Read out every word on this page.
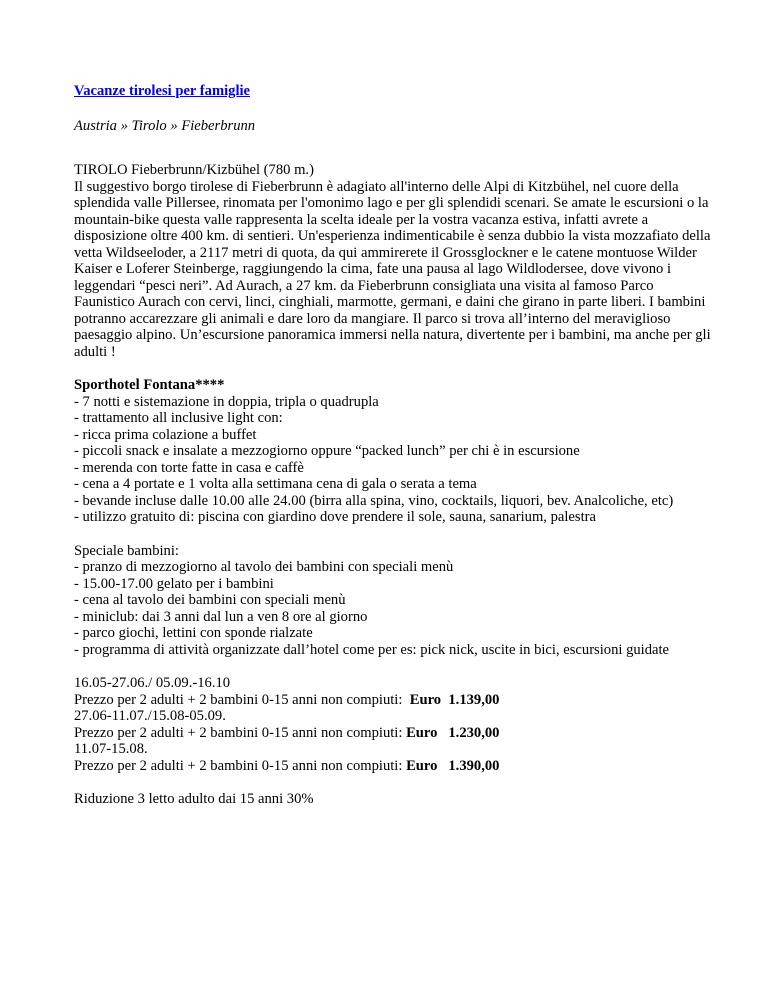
Vacanze tirolesi per famiglie
Austria » Tirolo » Fieberbrunn
TIROLO Fieberbrunn/Kizbühel (780 m.)
Il suggestivo borgo tirolese di Fieberbrunn è adagiato all'interno delle Alpi di Kitzbühel, nel cuore della
splendida valle Pillersee, rinomata per l'omonimo lago e per gli splendidi scenari. Se amate le escursioni o la
mountain-bike questa valle rappresenta la scelta ideale per la vostra vacanza estiva, infatti avrete a
disposizione oltre 400 km. di sentieri. Un'esperienza indimenticabile è senza dubbio la vista mozzafiato della
vetta Wildseeloder, a 2117 metri di quota, da qui ammirerete il Grossglockner e le catene montuose Wilder
Kaiser e Loferer Steinberge, raggiungendo la cima, fate una pausa al lago Wildlodersee, dove vivono i
leggendari “pesci neri”. Ad Aurach, a 27 km. da Fieberbrunn consigliata una visita al famoso Parco
Faunistico Aurach con cervi, linci, cinghiali, marmotte, germani, e daini che girano in parte liberi. I bambini
potranno accarezzare gli animali e dare loro da mangiare. Il parco si trova all’interno del meraviglioso
paesaggio alpino. Un’escursione panoramica immersi nella natura, divertente per i bambini, ma anche per gli
adulti !
Sporthotel Fontana****
- 7 notti e sistemazione in doppia, tripla o quadrupla
- trattamento all inclusive light con:
- ricca prima colazione a buffet
- piccoli snack e insalate a mezzogiorno oppure “packed lunch” per chi è in escursione
- merenda con torte fatte in casa e caffè
- cena a 4 portate e 1 volta alla settimana cena di gala o serata a tema
- bevande incluse dalle 10.00 alle 24.00 (birra alla spina, vino, cocktails, liquori, bev. Analcoliche, etc)
- utilizzo gratuito di: piscina con giardino dove prendere il sole, sauna, sanarium, palestra
Speciale bambini:
- pranzo di mezzogiorno al tavolo dei bambini con speciali menù
- 15.00-17.00 gelato per i bambini
- cena al tavolo dei bambini con speciali menù
- miniclub: dai 3 anni dal lun a ven 8 ore al giorno
- parco giochi, lettini con sponde rialzate
- programma di attività organizzate dall’hotel come per es: pick nick, uscite in bici, escursioni guidate
16.05-27.06./ 05.09.-16.10
Prezzo per 2 adulti + 2 bambini 0-15 anni non compiuti:  Euro  1.139,00
27.06-11.07./15.08-05.09.
Prezzo per 2 adulti + 2 bambini 0-15 anni non compiuti: Euro   1.230,00
11.07-15.08.
Prezzo per 2 adulti + 2 bambini 0-15 anni non compiuti: Euro   1.390,00
Riduzione 3 letto adulto dai 15 anni 30%
